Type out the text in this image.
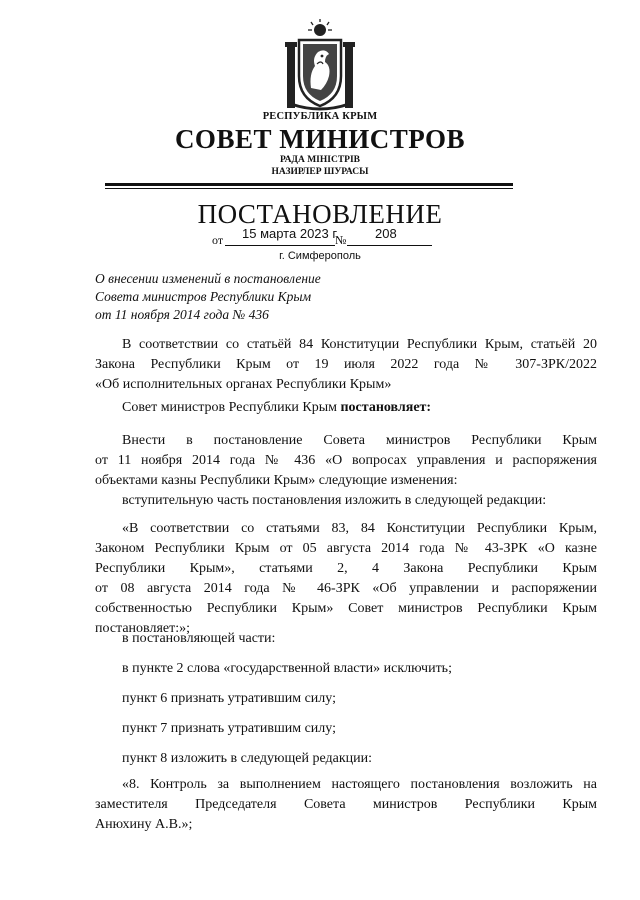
РЕСПУБЛИКА КРЫМ
СОВЕТ МИНИСТРОВ
РАДА МІНІСТРІВ
НАЗИРЛЕР ШУРАСЫ
ПОСТАНОВЛЕНИЕ
от 15 марта 2023 г.
№ 208
г. Симферополь
О внесении изменений в постановление
Совета министров Республики Крым
от 11 ноября 2014 года № 436
В соответствии со статьёй 84 Конституции Республики Крым, статьёй 20
Закона Республики Крым от 19 июля 2022 года № 307-ЗРК/2022
«Об исполнительных органах Республики Крым»
Совет министров Республики Крым постановляет:
Внести в постановление Совета министров Республики Крым
от 11 ноября 2014 года № 436 «О вопросах управления и распоряжения
объектами казны Республики Крым» следующие изменения:
вступительную часть постановления изложить в следующей редакции:
«В соответствии со статьями 83, 84 Конституции Республики Крым,
Законом Республики Крым от 05 августа 2014 года № 43-ЗРК «О казне
Республики Крым», статьями 2, 4 Закона Республики Крым
от 08 августа 2014 года № 46-ЗРК «Об управлении и распоряжении
собственностью Республики Крым» Совет министров Республики Крым
постановляет:»;
в постановляющей части:
в пункте 2 слова «государственной власти» исключить;
пункт 6 признать утратившим силу;
пункт 7 признать утратившим силу;
пункт 8 изложить в следующей редакции:
«8. Контроль за выполнением настоящего постановления возложить на
заместителя Председателя Совета министров Республики Крым
Анюхину А.В.»;
